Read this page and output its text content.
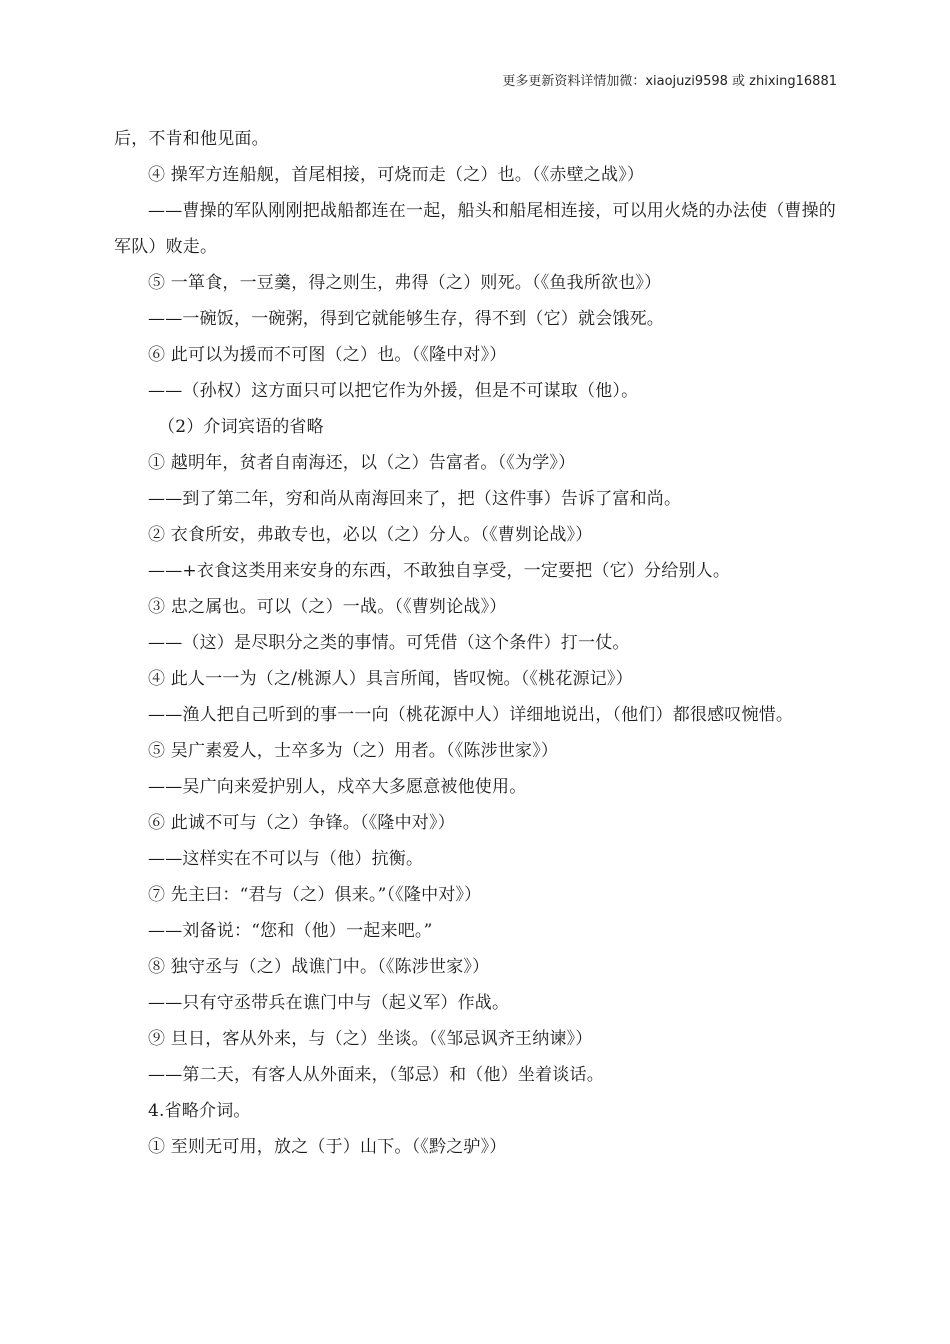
更多更新资料详情加微：xiaojuzi9598 或 zhixing16881
后，不肯和他见面。
④ 操军方连船舰，首尾相接，可烧而走（之）也。（《赤壁之战》）
——曹操的军队刚刚把战船都连在一起，船头和船尾相连接，可以用火烧的办法使（曹操的军队）败走。
⑤ 一箪食，一豆羹，得之则生，弗得（之）则死。（《鱼我所欲也》）
——一碗饭，一碗粥，得到它就能够生存，得不到（它）就会饿死。
⑥ 此可以为援而不可图（之）也。（《隆中对》）
——（孙权）这方面只可以把它作为外援，但是不可谋取（他）。
（2）介词宾语的省略
① 越明年，贫者自南海还，以（之）告富者。（《为学》）
——到了第二年，穷和尚从南海回来了，把（这件事）告诉了富和尚。
② 衣食所安，弗敢专也，必以（之）分人。（《曹刿论战》）
——+衣食这类用来安身的东西，不敢独自享受，一定要把（它）分给别人。
③ 忠之属也。可以（之）一战。（《曹刿论战》）
——（这）是尽职分之类的事情。可凭借（这个条件）打一仗。
④ 此人一一为（之/桃源人）具言所闻，皆叹惋。（《桃花源记》）
——渔人把自己听到的事一一向（桃花源中人）详细地说出，（他们）都很感叹惋惜。
⑤ 吴广素爱人，士卒多为（之）用者。（《陈涉世家》）
——吴广向来爱护别人，戍卒大多愿意被他使用。
⑥ 此诚不可与（之）争锋。（《隆中对》）
——这样实在不可以与（他）抗衡。
⑦ 先主曰：“君与（之）俱来。”（《隆中对》）
——刘备说：“您和（他）一起来吧。”
⑧ 独守丞与（之）战谯门中。（《陈涉世家》）
——只有守丞带兵在谯门中与（起义军）作战。
⑨ 旦日，客从外来，与（之）坐谈。（《邹忌讽齐王纳谏》）
——第二天，有客人从外面来，（邹忌）和（他）坐着谈话。
4.省略介词。
① 至则无可用，放之（于）山下。（《黔之驴》）
